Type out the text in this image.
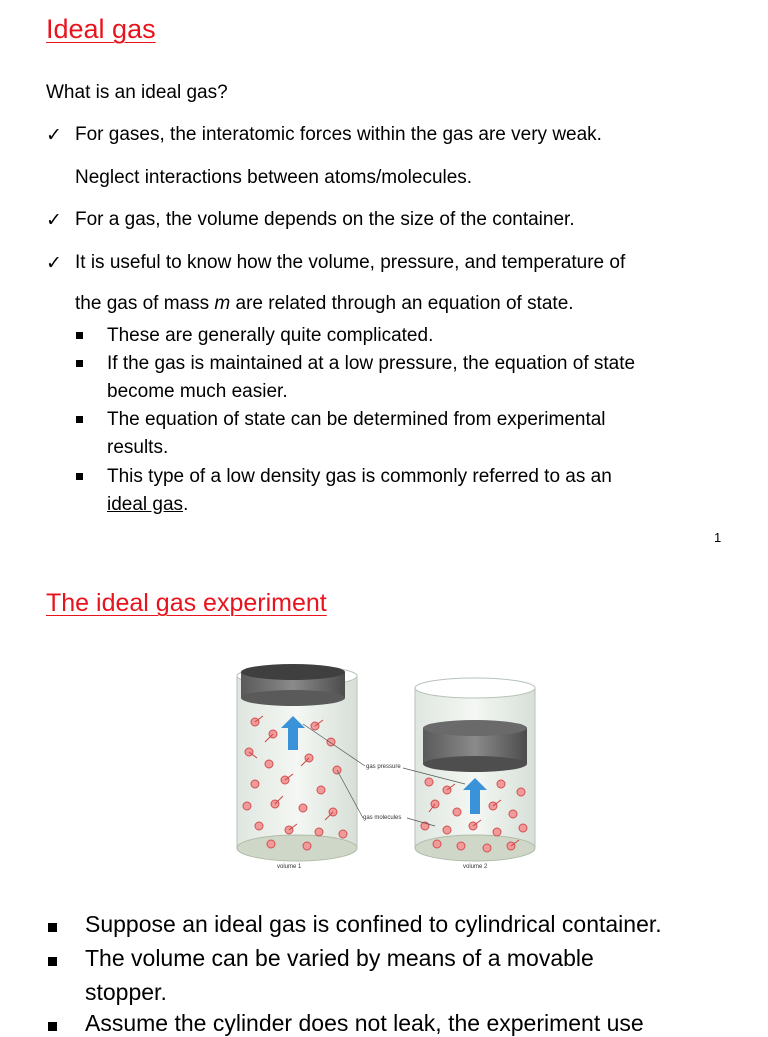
Ideal gas
What is an ideal gas?
✓ For gases, the interatomic forces within the gas are very weak.
Neglect interactions between atoms/molecules.
✓ For a gas, the volume depends on the size of the container.
✓ It is useful to know how the volume, pressure, and temperature of
the gas of mass m are related through an equation of state.
These are generally quite complicated.
If the gas is maintained at a low pressure, the equation of state
become much easier.
The equation of state can be determined from experimental
results.
This type of a low density gas is commonly referred to as an
ideal gas.
1
The ideal gas experiment
gas pressure
gas molecules
volume 1	volume 2
Suppose an ideal gas is confined to cylindrical container.
The volume can be varied by means of a movable
stopper.
Assume the cylinder does not leak, the experiment use
